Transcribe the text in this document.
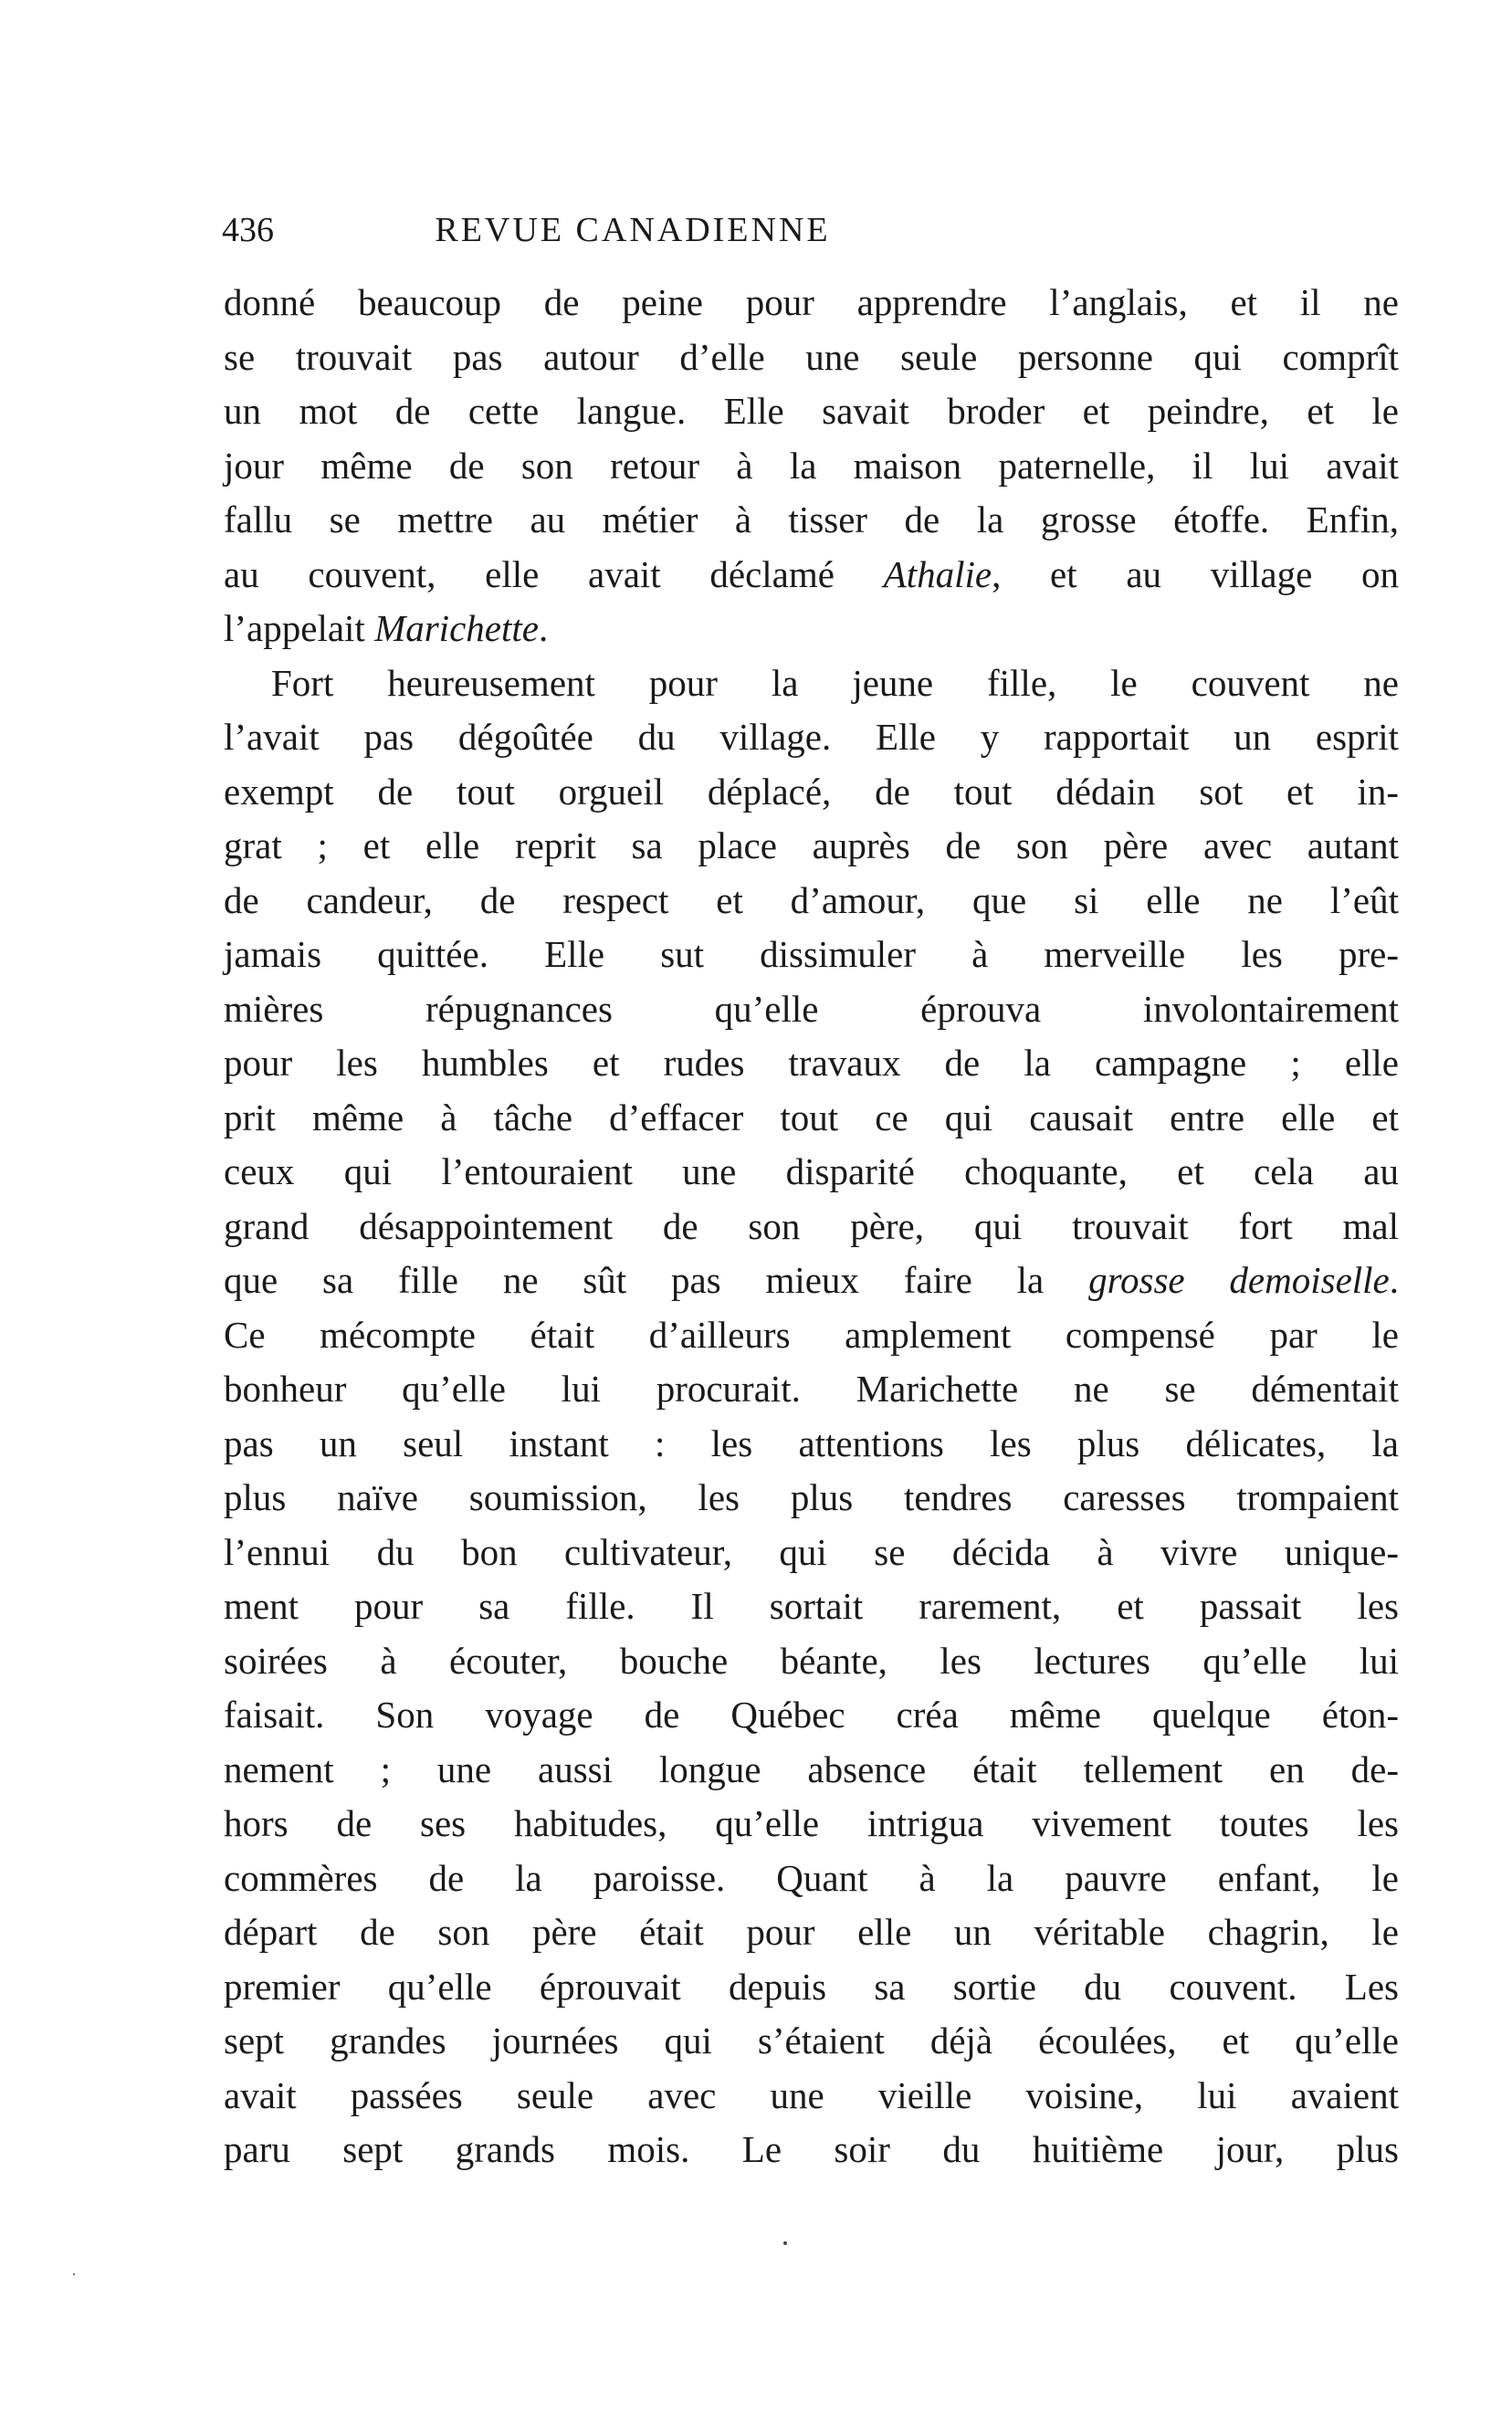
436	REVUE CANADIENNE
donné beaucoup de peine pour apprendre l’anglais, et il ne
se trouvait pas autour d’elle une seule personne qui comprît
un mot de cette langue. Elle savait broder et peindre, et le
jour même de son retour à la maison paternelle, il lui avait
fallu se mettre au métier à tisser de la grosse étoffe. Enfin,
au couvent, elle avait déclamé Athalie, et au village on
l’appelait Marichette.
Fort heureusement pour la jeune fille, le couvent ne
l’avait pas dégoûtée du village. Elle y rapportait un esprit
exempt de tout orgueil déplacé, de tout dédain sot et in-
grat ; et elle reprit sa place auprès de son père avec autant
de candeur, de respect et d’amour, que si elle ne l’eût
jamais quittée. Elle sut dissimuler à merveille les pre-
mières répugnances qu’elle éprouva involontairement
pour les humbles et rudes travaux de la campagne ; elle
prit même à tâche d’effacer tout ce qui causait entre elle et
ceux qui l’entouraient une disparité choquante, et cela au
grand désappointement de son père, qui trouvait fort mal
que sa fille ne sût pas mieux faire la grosse demoiselle.
Ce mécompte était d’ailleurs amplement compensé par le
bonheur qu’elle lui procurait. Marichette ne se démentait
pas un seul instant : les attentions les plus délicates, la
plus naïve soumission, les plus tendres caresses trompaient
l’ennui du bon cultivateur, qui se décida à vivre unique-
ment pour sa fille. Il sortait rarement, et passait les
soirées à écouter, bouche béante, les lectures qu’elle lui
faisait. Son voyage de Québec créa même quelque éton-
nement ; une aussi longue absence était tellement en de-
hors de ses habitudes, qu’elle intrigua vivement toutes les
commères de la paroisse. Quant à la pauvre enfant, le
départ de son père était pour elle un véritable chagrin, le
premier qu’elle éprouvait depuis sa sortie du couvent. Les
sept grandes journées qui s’étaient déjà écoulées, et qu’elle
avait passées seule avec une vieille voisine, lui avaient
paru sept grands mois. Le soir du huitième jour, plus
